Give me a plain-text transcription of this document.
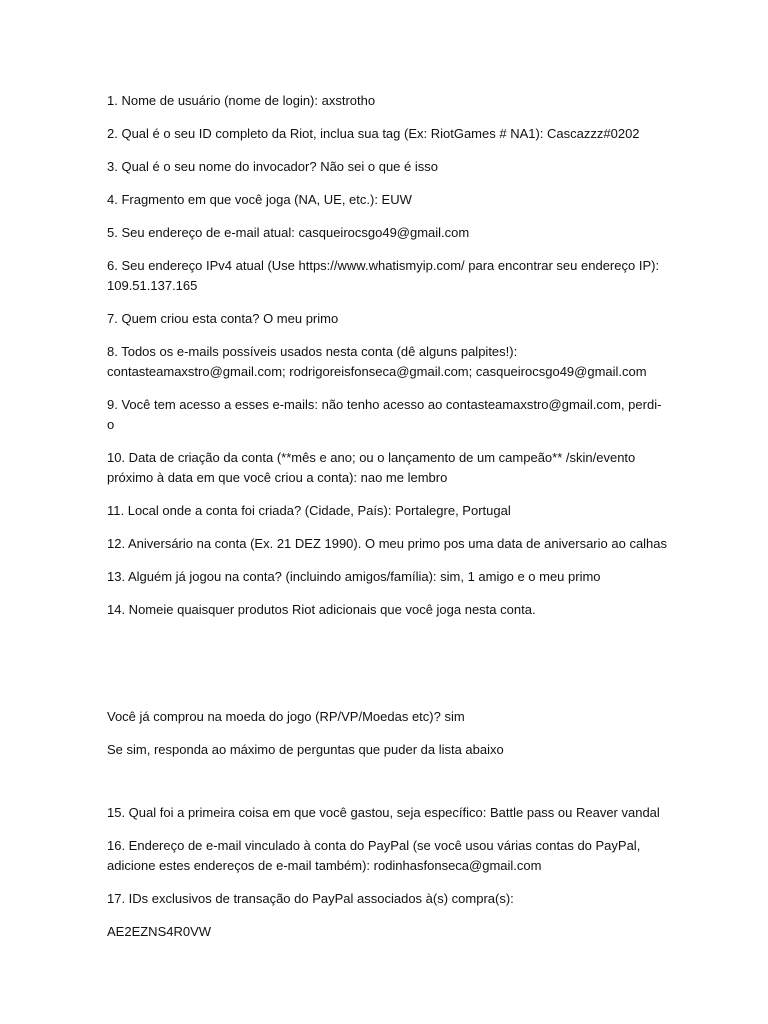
1. Nome de usuário (nome de login): axstrotho

2. Qual é o seu ID completo da Riot, inclua sua tag (Ex: RiotGames # NA1): Cascazzz#0202

3. Qual é o seu nome do invocador? Não sei o que é isso

4. Fragmento em que você joga (NA, UE, etc.): EUW

5. Seu endereço de e-mail atual: casqueirocsgo49@gmail.com

6. Seu endereço IPv4 atual (Use https://www.whatismyip.com/ para encontrar seu endereço IP): 109.51.137.165

7. Quem criou esta conta? O meu primo

8. Todos os e-mails possíveis usados nesta conta (dê alguns palpites!): contasteamaxstro@gmail.com; rodrigoreisfonseca@gmail.com; casqueirocsgo49@gmail.com

9. Você tem acesso a esses e-mails: não tenho acesso ao contasteamaxstro@gmail.com, perdi-o

10. Data de criação da conta (**mês e ano; ou o lançamento de um campeão** /skin/evento próximo à data em que você criou a conta): nao me lembro

11. Local onde a conta foi criada? (Cidade, País): Portalegre, Portugal

12. Aniversário na conta (Ex. 21 DEZ 1990). O meu primo pos uma data de aniversario ao calhas

13. Alguém já jogou na conta? (incluindo amigos/família): sim, 1 amigo e o meu primo

14. Nomeie quaisquer produtos Riot adicionais que você joga nesta conta.

Você já comprou na moeda do jogo (RP/VP/Moedas etc)? sim

Se sim, responda ao máximo de perguntas que puder da lista abaixo

15. Qual foi a primeira coisa em que você gastou, seja específico: Battle pass ou Reaver vandal

16. Endereço de e-mail vinculado à conta do PayPal (se você usou várias contas do PayPal, adicione estes endereços de e-mail também): rodinhasfonseca@gmail.com

17. IDs exclusivos de transação do PayPal associados à(s) compra(s):

AE2EZNS4R0VW
